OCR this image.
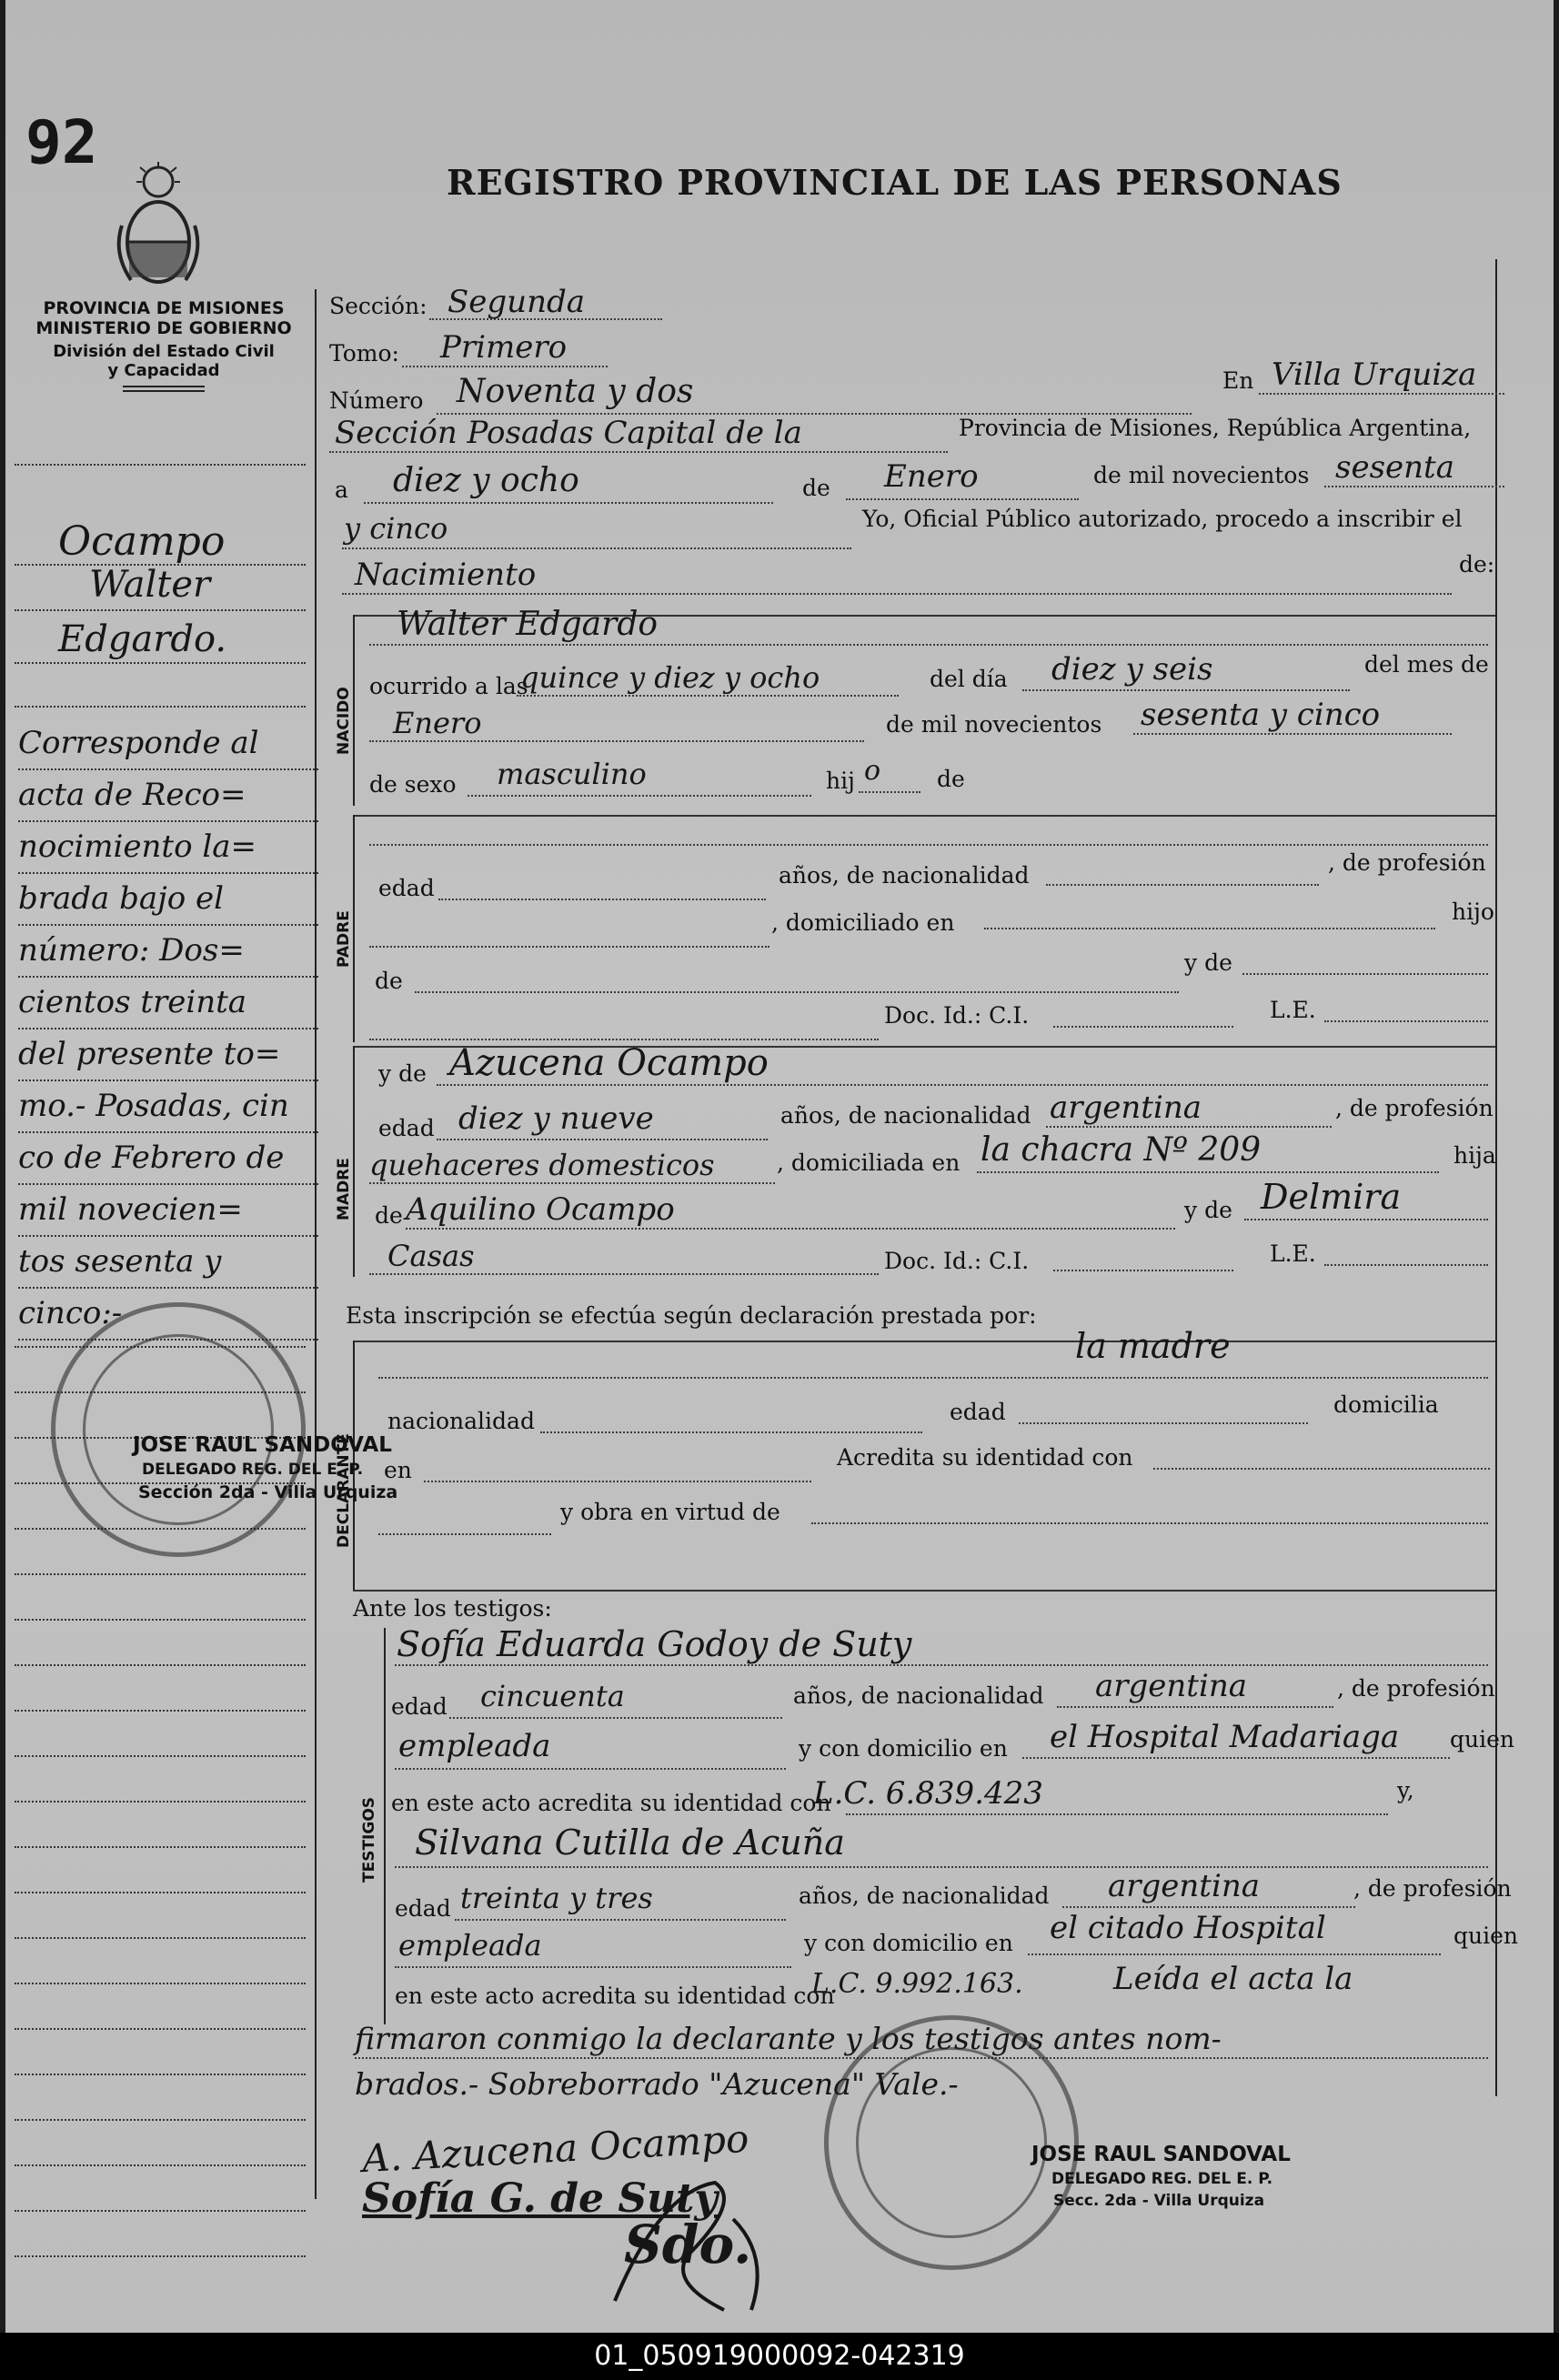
92
REGISTRO PROVINCIAL DE LAS PERSONAS
PROVINCIA DE MISIONES
MINISTERIO DE GOBIERNO
División del Estado Civil
y Capacidad
Sección: Segunda
Tomo: Primero
Número Noventa y dos	En Villa Urquiza
Sección Posadas Capital de la	Provincia de Misiones, República Argentina,
a diez y ocho	de Enero	de mil novecientos sesenta
y cinco	Yo, Oficial Público autorizado, procedo a inscribir el
Nacimiento	de:
NACIDO
Walter Edgardo
ocurrido a las
quince y diez y ocho	del día diez y seis	del mes de
Enero	de mil novecientos sesenta y cinco
de sexo masculino	hij o de
PADRE
edad	años, de nacionalidad	, de profesión
, domiciliado en	hijo
de
y de
Doc. Id.: C.I.	L.E.
MADRE
y de Azucena Ocampo
edad diez y nueve	años, de nacionalidad argentina	, de profesión
quehaceres domesticos	, domiciliada en la chacra Nº 209	hija
de Aquilino Ocampo	y de Delmira
Casas	Doc. Id.: C.I.	L.E.
Esta inscripción se efectúa según declaración prestada por:
la madre
DECLARANTE
nacionalidad	edad	domicilia
en	Acredita su identidad con
y obra en virtud de
Ante los testigos:
TESTIGOS
Sofía Eduarda Godoy de Suty
edad cincuenta	años, de nacionalidad argentina	, de profesión
empleada	y con domicilio en el Hospital Madariaga quien
en este acto acredita su identidad con
L.C. 6.839.423	y,
Silvana Cutilla de Acuña
edad treinta y tres	años, de nacionalidad argentina	, de profesión
empleada	y con domicilio en el citado Hospital	quien
en este acto acredita su identidad con
L.C. 9.992.163.	Leída el acta la
firmaron conmigo la declarante y los testigos antes nom-
brados.- Sobreborrado "Azucena" Vale.-
A. Azucena Ocampo
Sofía G. de Suty
Sdo.
Ocampo
Walter
Edgardo.
Corresponde al
acta de Reco=
nocimiento la=
brada bajo el
número: Dos=
cientos treinta
del presente to=
mo.- Posadas, cin
co de Febrero de
mil novecien=
tos sesenta y
cinco:-
JOSE RAUL SANDOVAL
DELEGADO REG. DEL E. P.
Sección 2da - Villa Urquiza
JOSE RAUL SANDOVAL
DELEGADO REG. DEL E. P.
Secc. 2da - Villa Urquiza
01_050919000092-042319
